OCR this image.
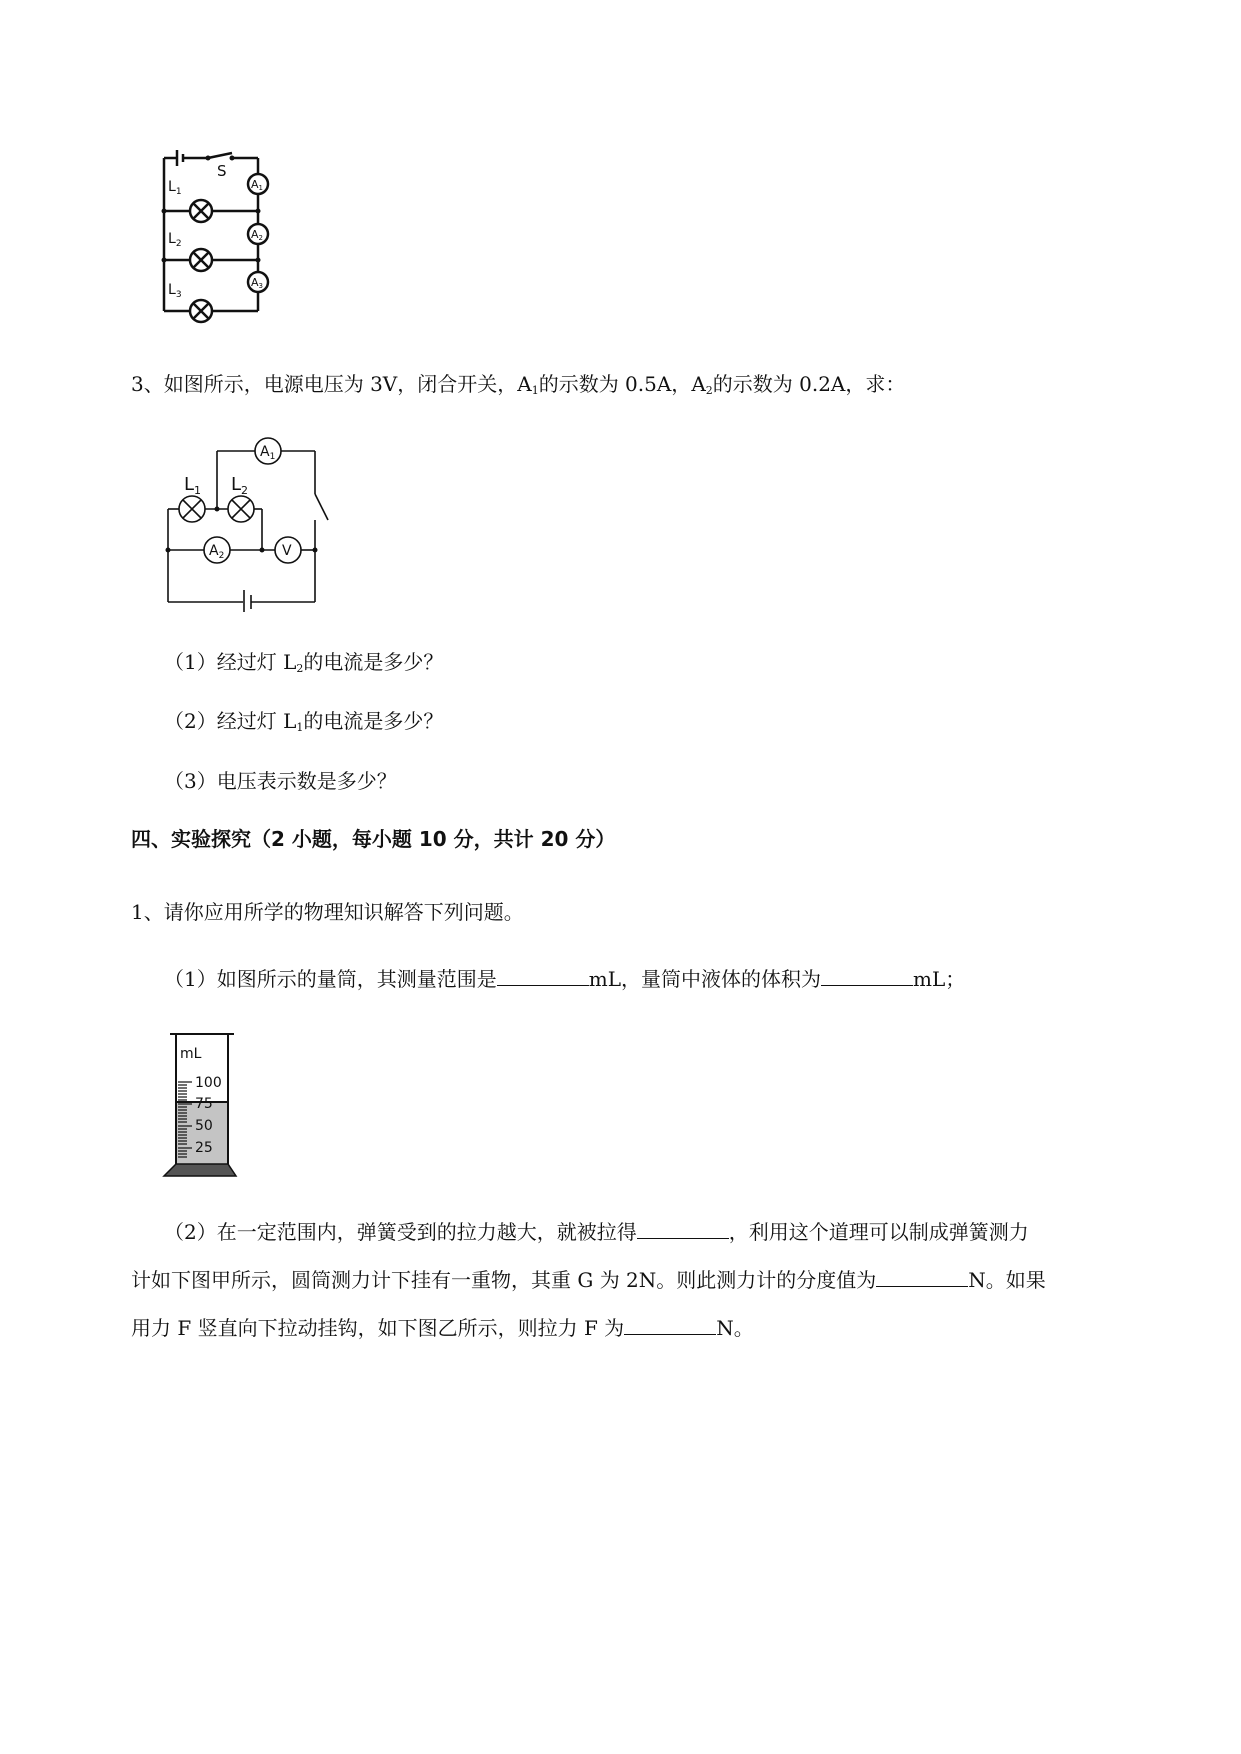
S
$L_1$
$L_2$
$L_3$
A1
A2
A3
3、如图所示，电源电压为 3V，闭合开关，$A_1$的示数为 0.5A，$A_2$的示数为 0.2A，求：
$A_1$
$A_2$	V
$L_1$ $L_2$
（1）经过灯 $L_2$的电流是多少？
（2）经过灯 $L_1$的电流是多少？
（3）电压表示数是多少？
四、实验探究（2 小题，每小题 10 分，共计 20 分）
1、请你应用所学的物理知识解答下列问题。
（1）如图所示的量筒，其测量范围是	mL，量筒中液体的体积为	mL；
mL
100
75
50
25
（2）在一定范围内，弹簧受到的拉力越大，就被拉得	，利用这个道理可以制成弹簧测力
计如下图甲所示，圆筒测力计下挂有一重物，其重 G 为 2N。则此测力计的分度值为	N。如果
用力 F 竖直向下拉动挂钩，如下图乙所示，则拉力 F 为	N。
